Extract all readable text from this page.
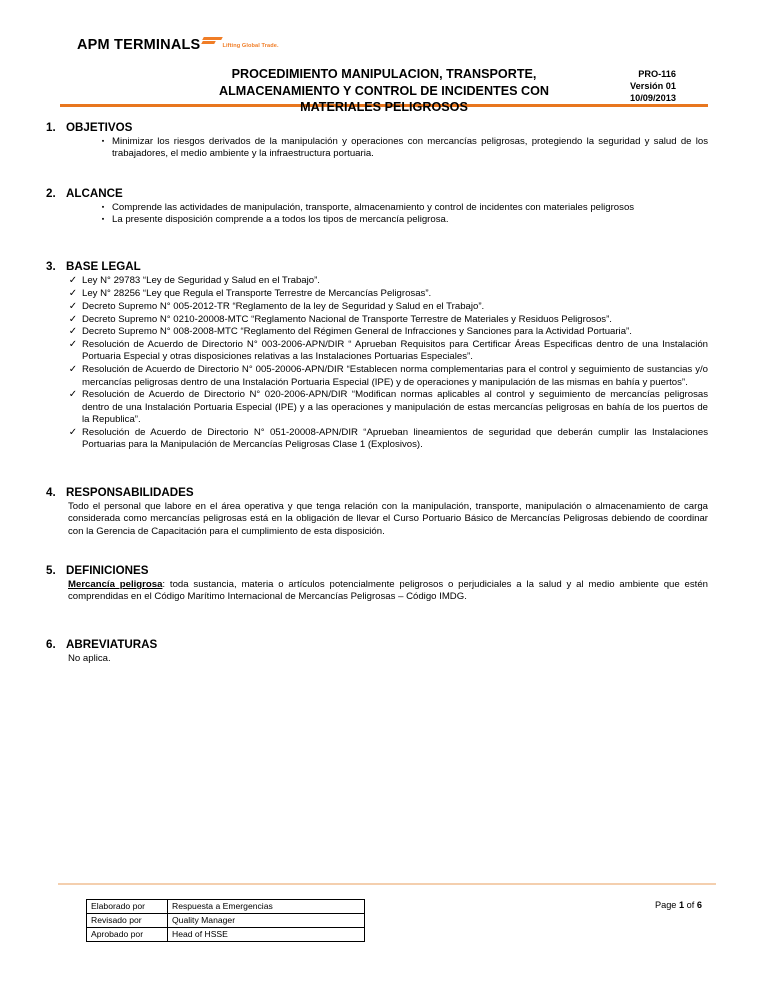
APM TERMINALS	Lifting Global Trade.
PROCEDIMIENTO MANIPULACION, TRANSPORTE,
ALMACENAMIENTO Y CONTROL DE INCIDENTES CON
MATERIALES PELIGROSOS
PRO-116
Versión 01
10/09/2013
1. OBJETIVOS
▪ Minimizar los riesgos derivados de la manipulación y operaciones con mercancías peligrosas, protegiendo la seguridad y salud de los trabajadores, el medio ambiente y la infraestructura portuaria.
2. ALCANCE
▪ Comprende las actividades de manipulación, transporte, almacenamiento y control de incidentes con materiales peligrosos
▪ La presente disposición comprende a a todos los tipos de mercancía peligrosa.
3. BASE LEGAL
✓ Ley N° 29783 “Ley de Seguridad y Salud en el Trabajo”.
✓ Ley N° 28256 “Ley que Regula el Transporte Terrestre de Mercancías Peligrosas”.
✓ Decreto Supremo N° 005-2012-TR “Reglamento de la ley de Seguridad y Salud en el Trabajo”.
✓ Decreto Supremo N° 0210-20008-MTC “Reglamento Nacional de Transporte Terrestre de Materiales y Residuos Peligrosos”.
✓ Decreto Supremo N° 008-2008-MTC “Reglamento del Régimen General de Infracciones y Sanciones para la Actividad Portuaria”.
✓ Resolución de Acuerdo de Directorio N° 003-2006-APN/DIR “ Aprueban Requisitos para Certificar Áreas Especificas dentro de una Instalación Portuaria Especial y otras disposiciones relativas a las Instalaciones Portuarias Especiales”.
✓ Resolución de Acuerdo de Directorio N° 005-20006-APN/DIR “Establecen norma complementarias para el control y seguimiento de sustancias y/o mercancías peligrosas dentro de una Instalación Portuaria Especial (IPE) y de operaciones y manipulación de las mismas en bahía y puertos”.
✓ Resolución de Acuerdo de Directorio N° 020-2006-APN/DIR “Modifican normas aplicables al control y seguimiento de mercancías peligrosas dentro de una Instalación Portuaria Especial (IPE) y a las operaciones y manipulación de estas mercancías peligrosas en bahía de los puertos de la Republica”.
✓ Resolución de Acuerdo de Directorio N° 051-20008-APN/DIR “Aprueban lineamientos de seguridad que deberán cumplir las Instalaciones Portuarias para la Manipulación de Mercancías Peligrosas Clase 1 (Explosivos).
4. RESPONSABILIDADES
Todo el personal que labore en el área operativa y que tenga relación con la manipulación, transporte, manipulación o almacenamiento de carga considerada como mercancías peligrosas está en la obligación de llevar el Curso Portuario Básico de Mercancías Peligrosas debiendo de coordinar con la Gerencia de Capacitación para el cumplimiento de esta disposición.
5. DEFINICIONES
Mercancía peligrosa: toda sustancia, materia o artículos potencialmente peligrosos o perjudiciales a la salud y al medio ambiente que estén comprendidas en el Código Marítimo Internacional de Mercancías Peligrosas – Código IMDG.
6. ABREVIATURAS
No aplica.
Elaborado por	Respuesta a Emergencias
Revisado por	Quality Manager
Aprobado por	Head of HSSE
Page 1 of 6
